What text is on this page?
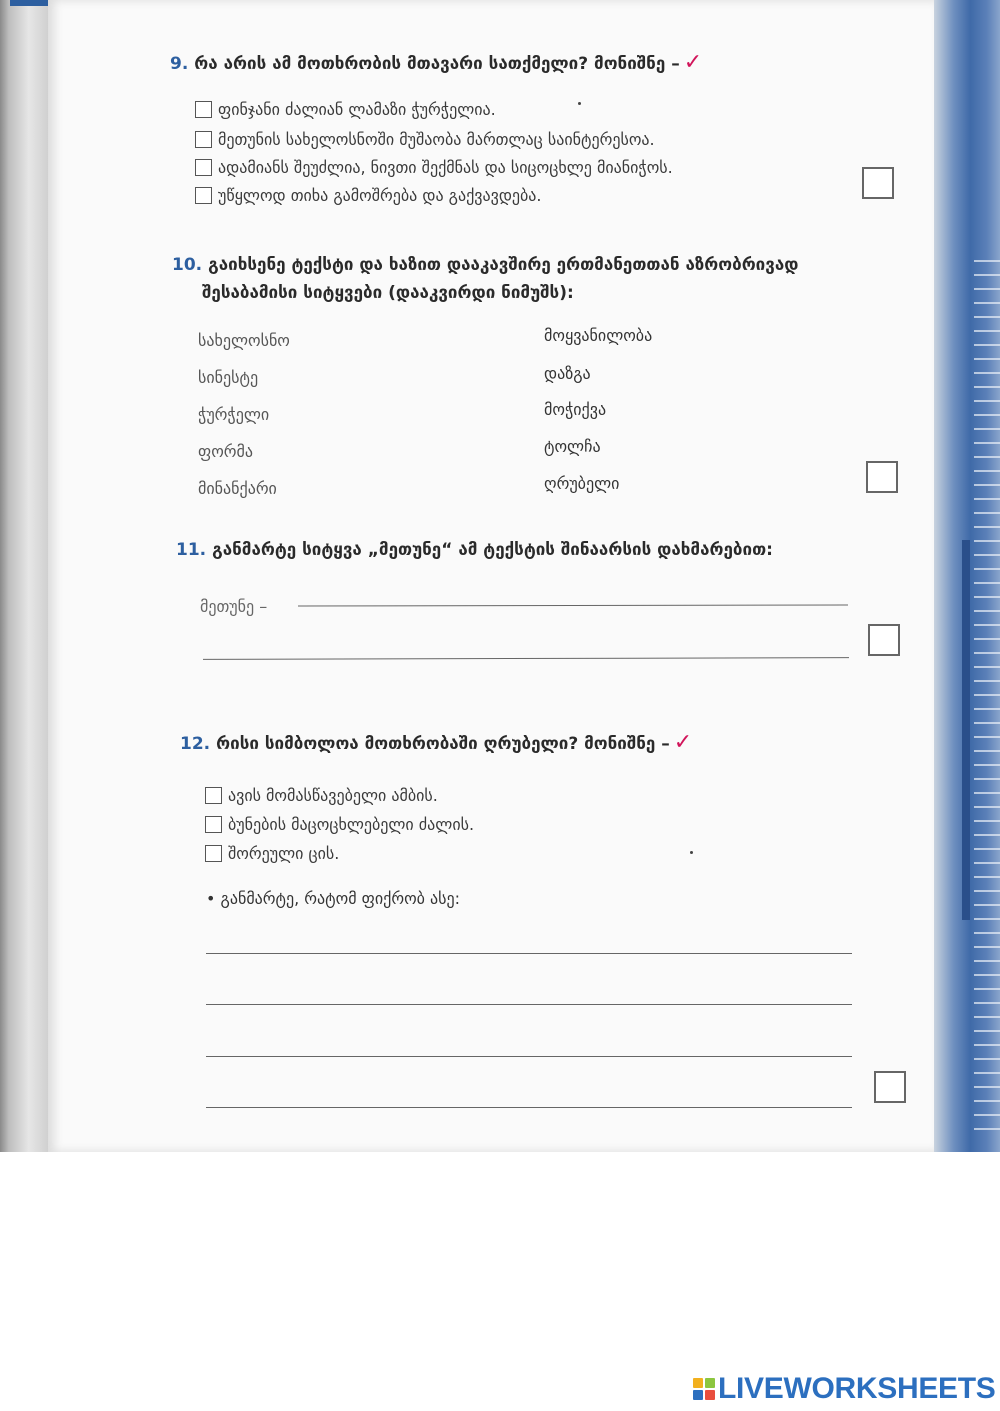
9. რა არის ამ მოთხრობის მთავარი სათქმელი? მონიშნე – ✓
ფინჯანი ძალიან ლამაზი ჭურჭელია.
მეთუნის სახელოსნოში მუშაობა მართლაც საინტერესოა.
ადამიანს შეუძლია, ნივთი შექმნას და სიცოცხლე მიანიჭოს.
უწყლოდ თიხა გამოშრება და გაქვავდება.
10. გაიხსენე ტექსტი და ხაზით დააკავშირე ერთმანეთთან აზრობრივად
შესაბამისი სიტყვები (დააკვირდი ნიმუშს):
სახელოსნო
სინესტე
ჭურჭელი
ფორმა
მინანქარი
მოყვანილობა
დაზგა
მოჭიქვა
ტოლჩა
ღრუბელი
11. განმარტე სიტყვა „მეთუნე“ ამ ტექსტის შინაარსის დახმარებით:
მეთუნე –
12. რისი სიმბოლოა მოთხრობაში ღრუბელი? მონიშნე – ✓
ავის მომასწავებელი ამბის.
ბუნების მაცოცხლებელი ძალის.
შორეული ცის.
• განმარტე, რატომ ფიქრობ ასე:
LIVEWORKSHEETS
